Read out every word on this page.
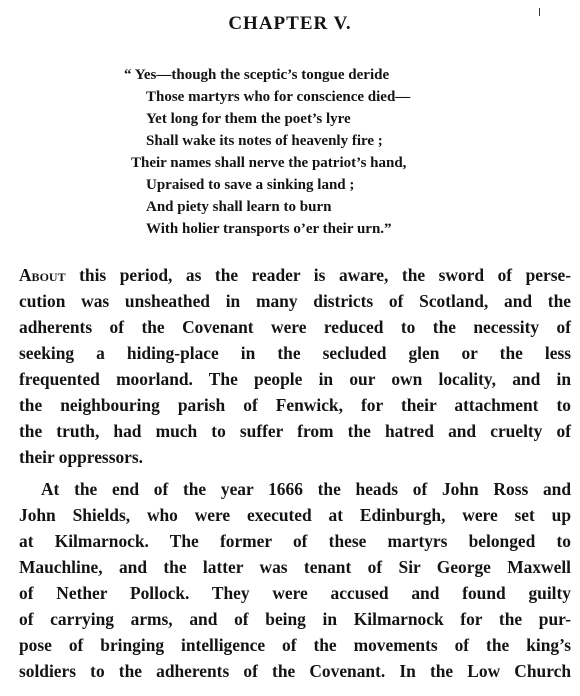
CHAPTER V.
“ Yes—though the sceptic’s tongue deride
Those martyrs who for conscience died—
Yet long for them the poet’s lyre
Shall wake its notes of heavenly fire ;
Their names shall nerve the patriot’s hand,
Upraised to save a sinking land ;
And piety shall learn to burn
With holier transports o’er their urn.”
About this period, as the reader is aware, the sword of perse-
cution was unsheathed in many districts of Scotland, and the
adherents of the Covenant were reduced to the necessity of
seeking a hiding-place in the secluded glen or the less
frequented moorland. The people in our own locality, and in
the neighbouring parish of Fenwick, for their attachment to
the truth, had much to suffer from the hatred and cruelty of
their oppressors.
At the end of the year 1666 the heads of John Ross and
John Shields, who were executed at Edinburgh, were set up
at Kilmarnock. The former of these martyrs belonged to
Mauchline, and the latter was tenant of Sir George Maxwell
of Nether Pollock. They were accused and found guilty
of carrying arms, and of being in Kilmarnock for the pur-
pose of bringing intelligence of the movements of the king’s
soldiers to the adherents of the Covenant. In the Low Church
